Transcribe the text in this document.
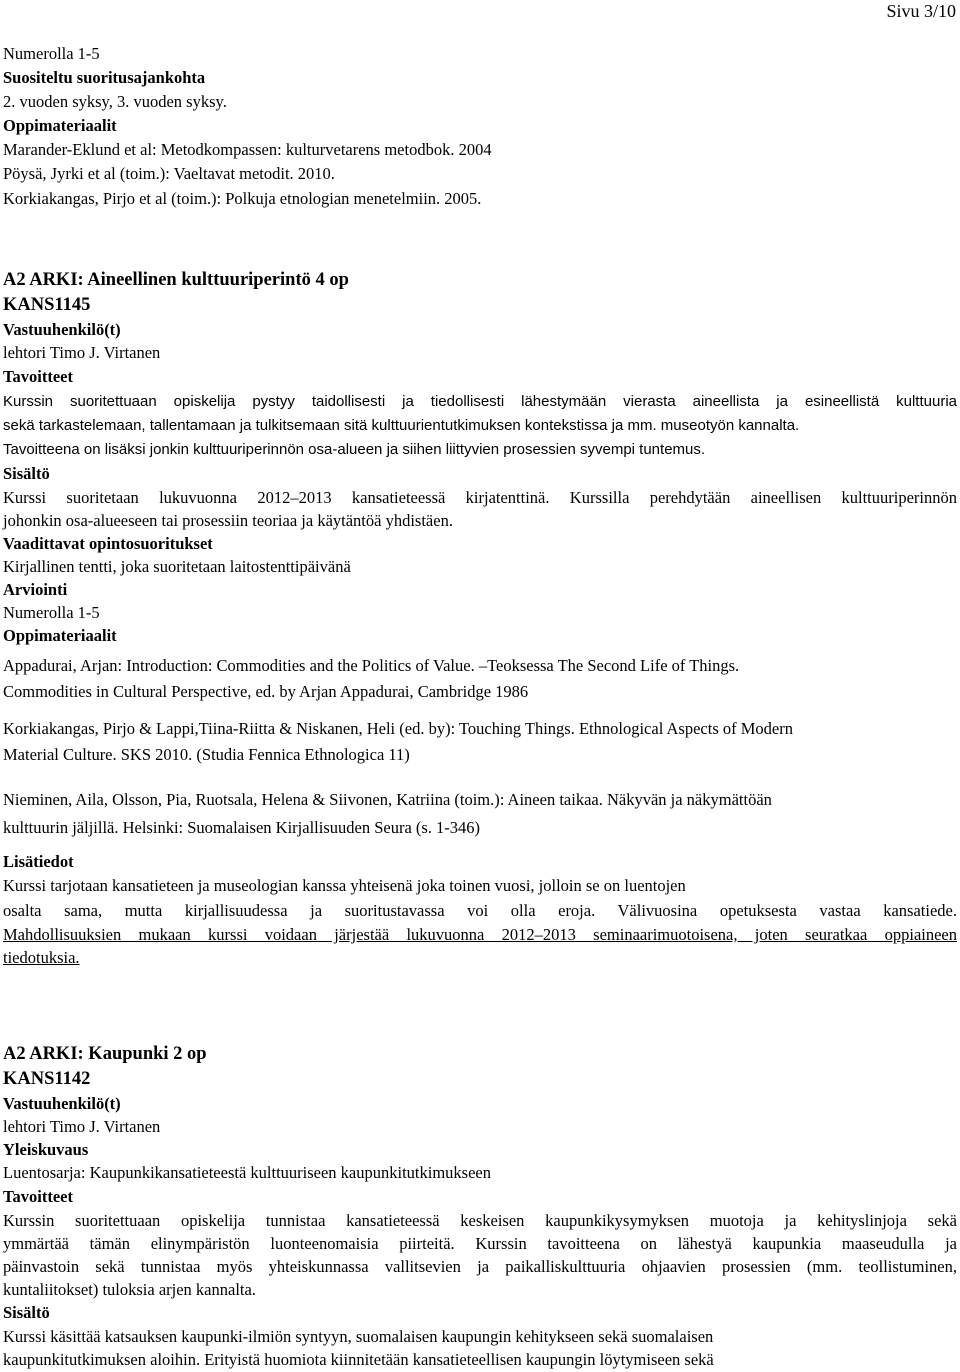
Sivu 3/10
Numerolla 1-5
Suositeltu suoritusajankohta
2. vuoden syksy, 3. vuoden syksy.
Oppimateriaalit
Marander-Eklund et al: Metodkompassen: kulturvetarens metodbok. 2004
Pöysä, Jyrki et al (toim.): Vaeltavat metodit. 2010.
Korkiakangas, Pirjo et al (toim.): Polkuja etnologian menetelmiin. 2005.
A2 ARKI: Aineellinen kulttuuriperintö 4 op
KANS1145
Vastuuhenkilö(t)
lehtori Timo J. Virtanen
Tavoitteet
Kurssin suoritettuaan opiskelija pystyy taidollisesti ja tiedollisesti lähestymään vierasta aineellista ja esineellistä kulttuuria
sekä tarkastelemaan, tallentamaan ja tulkitsemaan sitä kulttuurientutkimuksen kontekstissa ja mm. museotyön kannalta.
Tavoitteena on lisäksi jonkin kulttuuriperinnön osa-alueen ja siihen liittyvien prosessien syvempi tuntemus.
Sisältö
Kurssi suoritetaan lukuvuonna 2012–2013 kansatieteessä kirjatenttinä. Kurssilla perehdytään aineellisen kulttuuriperinnön
johonkin osa-alueeseen tai prosessiin teoriaa ja käytäntöä yhdistäen.
Vaadittavat opintosuoritukset
Kirjallinen tentti, joka suoritetaan laitostenttipäivänä
Arviointi
Numerolla 1-5
Oppimateriaalit
Appadurai, Arjan: Introduction: Commodities and the Politics of Value. –Teoksessa The Second Life of Things.
Commodities in Cultural Perspective, ed. by Arjan Appadurai, Cambridge 1986
Korkiakangas, Pirjo & Lappi,Tiina-Riitta & Niskanen, Heli (ed. by): Touching Things. Ethnological Aspects of Modern
Material Culture. SKS 2010. (Studia Fennica Ethnologica 11)
Nieminen, Aila, Olsson, Pia, Ruotsala, Helena & Siivonen, Katriina (toim.): Aineen taikaa. Näkyvän ja näkymättöän
kulttuurin jäljillä. Helsinki: Suomalaisen Kirjallisuuden Seura (s. 1-346)
Lisätiedot
Kurssi tarjotaan kansatieteen ja museologian kanssa yhteisenä joka toinen vuosi, jolloin se on luentojen
osalta sama, mutta kirjallisuudessa ja suoritustavassa voi olla eroja. Välivuosina opetuksesta vastaa kansatiede.
Mahdollisuuksien mukaan kurssi voidaan järjestää lukuvuonna 2012–2013 seminaarimuotoisena, joten seuratkaa oppiaineen
tiedotuksia.
A2 ARKI: Kaupunki 2 op
KANS1142
Vastuuhenkilö(t)
lehtori Timo J. Virtanen
Yleiskuvaus
Luentosarja: Kaupunkikansatieteestä kulttuuriseen kaupunkitutkimukseen
Tavoitteet
Kurssin suoritettuaan opiskelija tunnistaa kansatieteessä keskeisen kaupunkikysymyksen muotoja ja kehityslinjoja sekä
ymmärtää tämän elinympäristön luonteenomaisia piirteitä. Kurssin tavoitteena on lähestyä kaupunkia maaseudulla ja
päinvastoin sekä tunnistaa myös yhteiskunnassa vallitsevien ja paikalliskulttuuria ohjaavien prosessien (mm. teollistuminen,
kuntaliitokset) tuloksia arjen kannalta.
Sisältö
Kurssi käsittää katsauksen kaupunki-ilmiön syntyyn, suomalaisen kaupungin kehitykseen sekä suomalaisen
kaupunkitutkimuksen aloihin. Erityistä huomiota kiinnitetään kansatieteellisen kaupungin löytymiseen sekä
